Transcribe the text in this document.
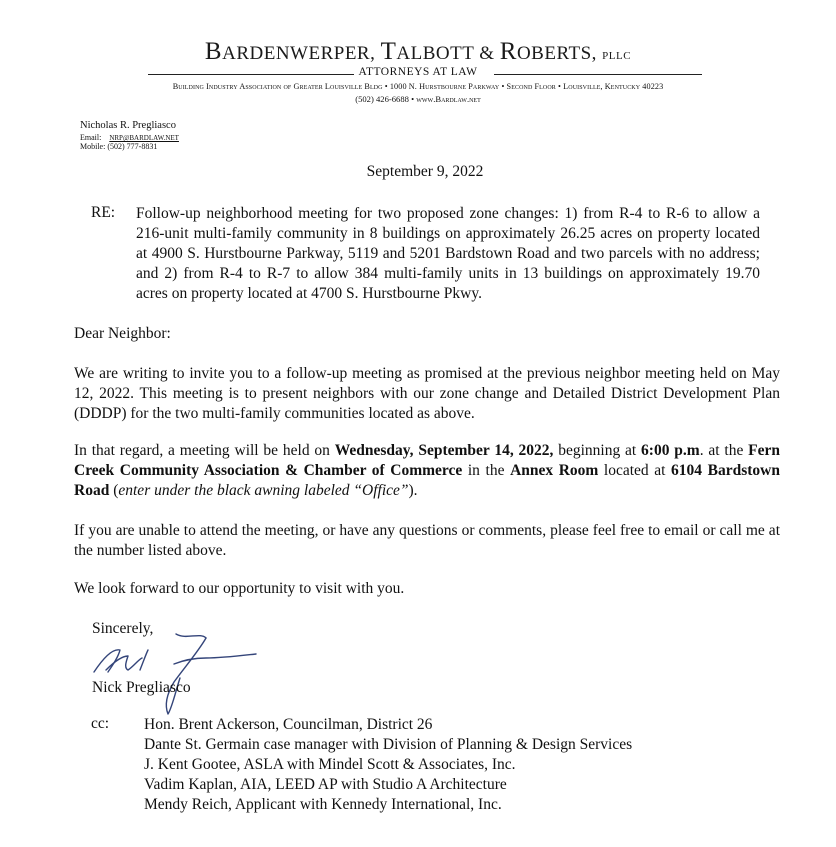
BARDENWERPER, TALBOTT & ROBERTS, pllc
ATTORNEYS AT LAW
Building Industry Association of Greater Louisville Bldg • 1000 N. Hurstbourne Parkway • Second Floor • Louisville, Kentucky 40223
(502) 426-6688 • www.Bardlaw.net
Nicholas R. Pregliasco
Email: NRP@BARDLAW.NET
Mobile: (502) 777-8831
September 9, 2022
RE: Follow-up neighborhood meeting for two proposed zone changes: 1) from R-4 to R-6 to allow a 216-unit multi-family community in 8 buildings on approximately 26.25 acres on property located at 4900 S. Hurstbourne Parkway, 5119 and 5201 Bardstown Road and two parcels with no address; and 2) from R-4 to R-7 to allow 384 multi-family units in 13 buildings on approximately 19.70 acres on property located at 4700 S. Hurstbourne Pkwy.
Dear Neighbor:
We are writing to invite you to a follow-up meeting as promised at the previous neighbor meeting held on May 12, 2022. This meeting is to present neighbors with our zone change and Detailed District Development Plan (DDDP) for the two multi-family communities located as above.
In that regard, a meeting will be held on Wednesday, September 14, 2022, beginning at 6:00 p.m. at the Fern Creek Community Association & Chamber of Commerce in the Annex Room located at 6104 Bardstown Road (enter under the black awning labeled “Office”).
If you are unable to attend the meeting, or have any questions or comments, please feel free to email or call me at the number listed above.
We look forward to our opportunity to visit with you.
Sincerely,
Nick Pregliasco
cc: Hon. Brent Ackerson, Councilman, District 26
Dante St. Germain case manager with Division of Planning & Design Services
J. Kent Gootee, ASLA with Mindel Scott & Associates, Inc.
Vadim Kaplan, AIA, LEED AP with Studio A Architecture
Mendy Reich, Applicant with Kennedy International, Inc.
